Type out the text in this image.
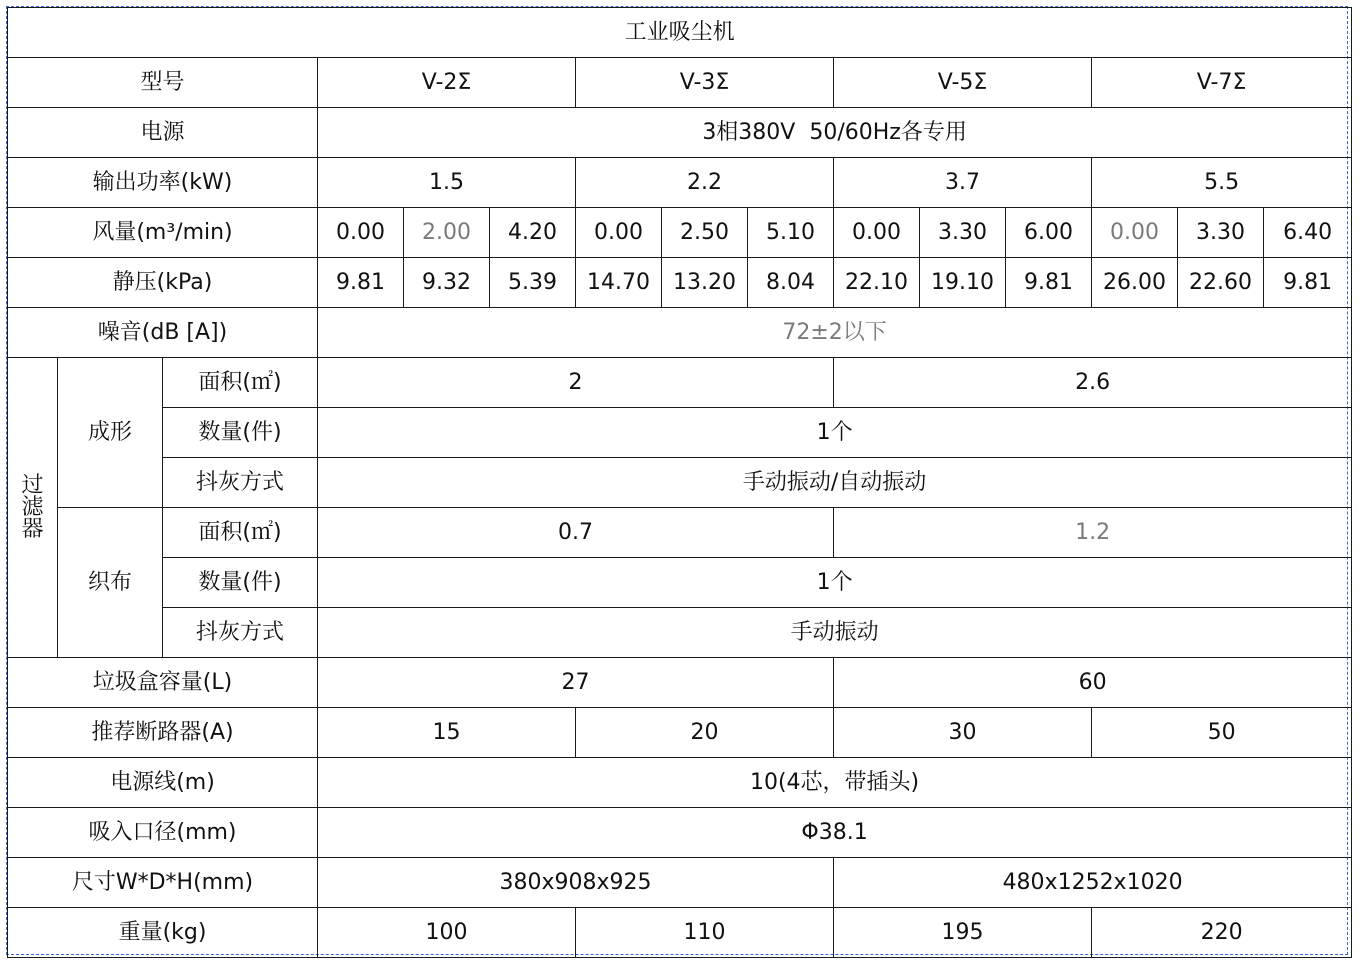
工业吸尘机														
型号			V-2Σ			V-3Σ			V-5Σ			V-7Σ		
电源			3相380V  50/60Hz各专用											
输出功率(kW)			1.5			2.2			3.7			5.5		
风量(m³/min)			0.00	2.00	4.20	0.00	2.50	5.10	0.00	3.30	6.00	0.00	3.30	6.40
静压(kPa)			9.81	9.32	5.39	14.70	13.20	8.04	22.10	19.10	9.81	26.00	22.60	9.81
噪音(dB [A])			72±2以下											

过
滤
器	成形	面积(㎡)	2						2.6					
		数量(件)	1个											
		抖灰方式	手动振动/自动振动											
	织布	面积(㎡)	0.7						1.2					
		数量(件)	1个											
		抖灰方式	手动振动											
垃圾盒容量(L)			27						60					
推荐断路器(A)			15			20			30			50		
电源线(m)			10(4芯，带插头)											
吸入口径(mm)			Φ38.1											
尺寸W*D*H(mm)			380x908x925						480x1252x1020					
重量(kg)			100			110			195			220		
